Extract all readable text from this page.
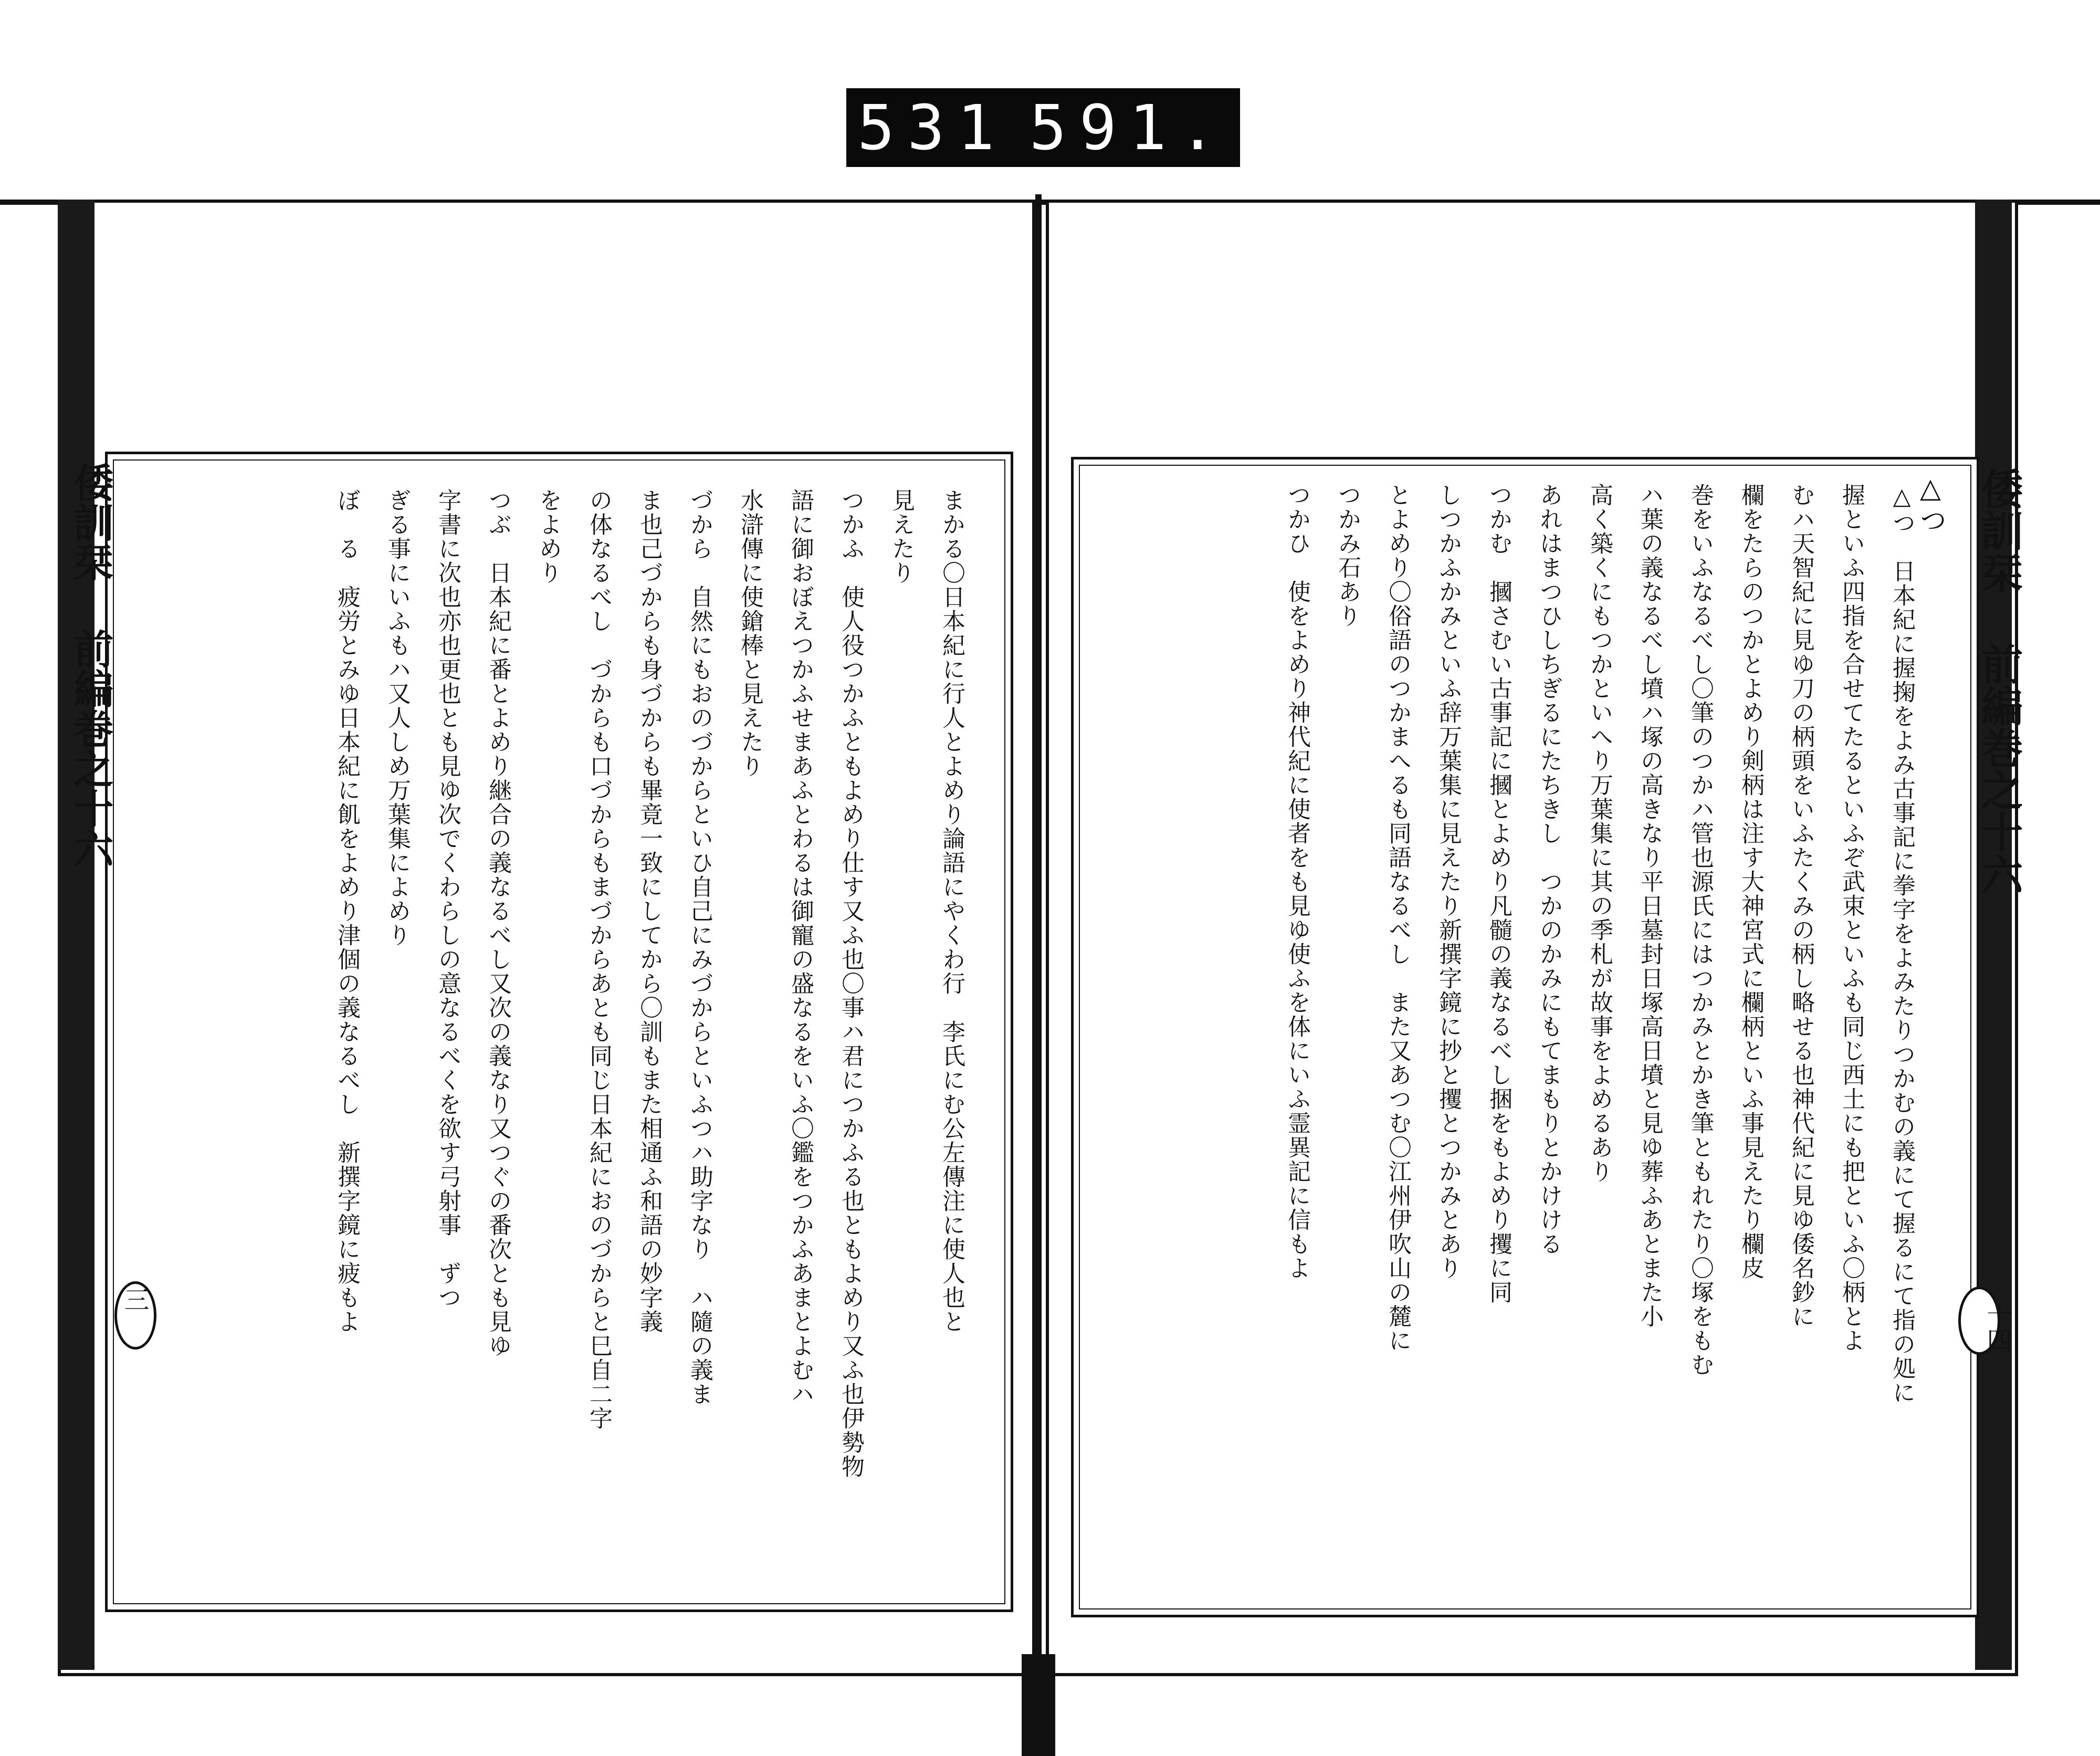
531 591.
倭訓栞 前編巻之十六
三	まかる〇日本紀に行人とよめり論語にやくわ行　李氏にむ公左傳注に使人也と
見えたり
つかふ　使人役つかふともよめり仕す又ふ也〇事ハ君につかふる也ともよめり又ふ也伊勢物
語に御おぼえつかふせまあふとわるは御寵の盛なるをいふ〇鑑をつかふあまとよむハ
水滸傳に使鎗棒と見えたり
づから　自然にもおのづからといひ自己にみづからといふつハ助字なり　ハ隨の義ま
ま也己づからも身づからも畢竟一致にしてから〇訓もまた相通ふ和語の妙字義
の体なるべし　づからも口づからもまづからあとも同じ日本紀におのづからと巳自二字
をよめり
つぶ　日本紀に番とよめり継合の義なるべし又次の義なり又つぐの番次とも見ゆ
字書に次也亦也更也とも見ゆ次でくわらしの意なるべくを欲す弓射事　ずつ
ぎる事にいふもハ又人しめ万葉集によめり
ぼ　る　疲労とみゆ日本紀に飢をよめり津個の義なるべし　新撰字鏡に疲もよ	倭訓栞 前編巻之十六
十四
△つ　日本紀に握掬をよみ古事記に拳字をよみたりつかむの義にて握るにて指の処に
握といふ四指を合せてたるといふぞ武束といふも同じ西土にも把といふ〇柄とよ
むハ天智紀に見ゆ刀の柄頭をいふたくみの柄し略せる也神代紀に見ゆ倭名鈔に
欄をたらのつかとよめり剣柄は注す大神宮式に欄柄といふ事見えたり欄皮
巻をいふなるべし〇筆のつかハ管也源氏にはつかみとかき筆ともれたり〇塚をもむ
ハ葉の義なるべし墳ハ塚の高きなり平日墓封日塚高日墳と見ゆ葬ふあとまた小
高く築くにもつかといへり万葉集に其の季札が故事をよめるあり
あれはまつひしちぎるにたちきし　つかのかみにもてまもりとかけける
つかむ　摑さむい古事記に摑とよめり凡髓の義なるべし捆をもよめり攫に同
しつかふかみといふ辞万葉集に見えたり新撰字鏡に抄と攫とつかみとあり
とよめり〇俗語のつかまへるも同語なるべし　また又あつむ〇江州伊吹山の麓に
つかみ石あり
つかひ　使をよめり神代紀に使者をも見ゆ使ふを体にいふ霊異記に信もよ	△つ
